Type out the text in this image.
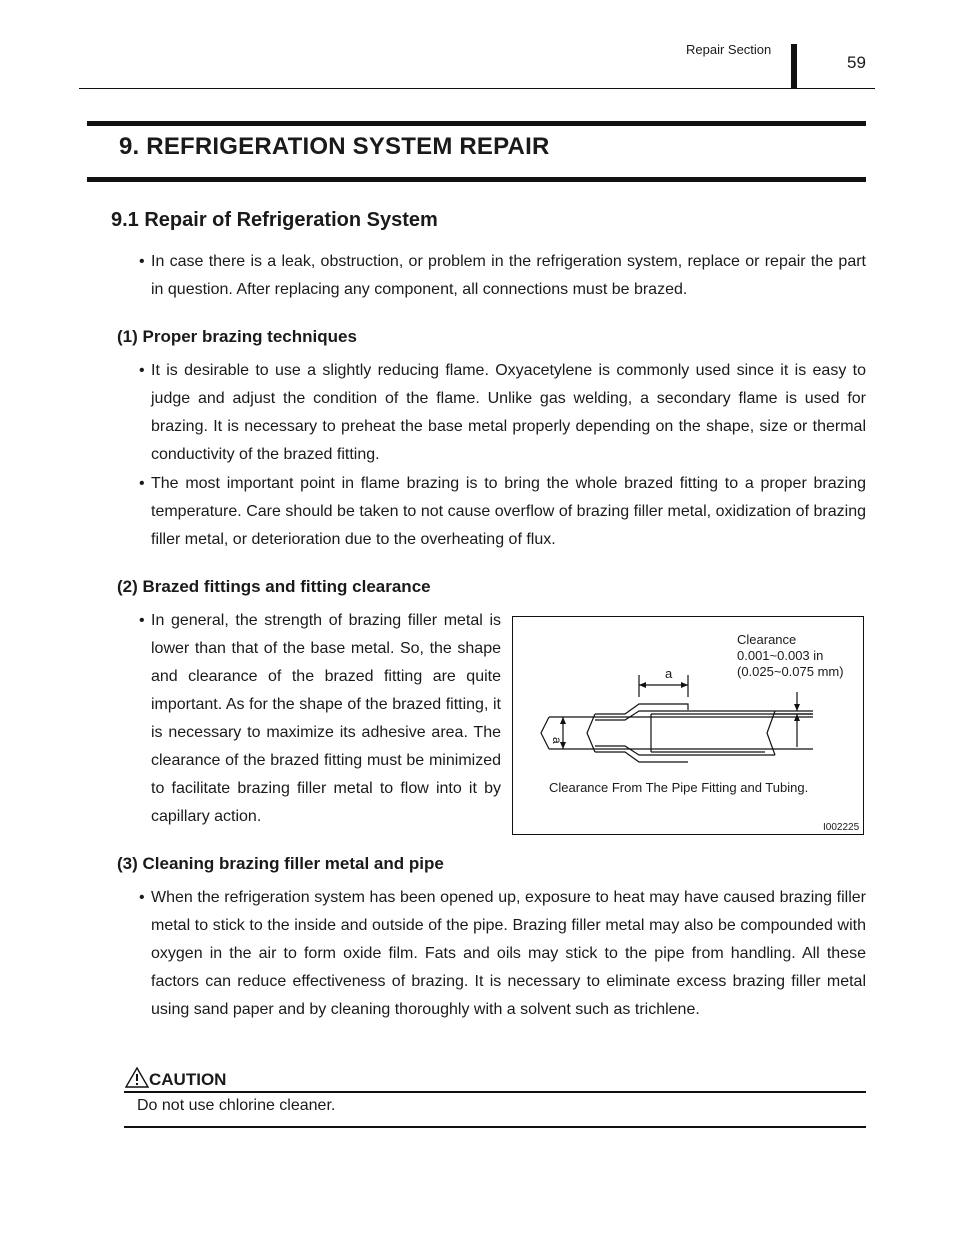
Repair Section
59
9. REFRIGERATION SYSTEM REPAIR
9.1 Repair of Refrigeration System
• In case there is a leak, obstruction, or problem in the refrigeration system, replace or repair the part in question. After replacing any component, all connections must be brazed.
(1) Proper brazing techniques
• It is desirable to use a slightly reducing flame. Oxyacetylene is commonly used since it is easy to judge and adjust the condition of the flame. Unlike gas welding, a secondary flame is used for brazing. It is necessary to preheat the base metal properly depending on the shape, size or thermal conductivity of the brazed fitting.
• The most important point in flame brazing is to bring the whole brazed fitting to a proper brazing temperature. Care should be taken to not cause overflow of brazing filler metal, oxidization of brazing filler metal, or deterioration due to the overheating of flux.
(2) Brazed fittings and fitting clearance
• In general, the strength of brazing filler metal is lower than that of the base metal. So, the shape and clearance of the brazed fitting are quite important. As for the shape of the brazed fitting, it is necessary to maximize its adhesive area. The clearance of the brazed fitting must be minimized to facilitate brazing filler metal to flow into it by capillary action.
a
Clearance
0.001~0.003 in
(0.025~0.075 mm)
a
Clearance From The Pipe Fitting and Tubing.
I002225
(3) Cleaning brazing filler metal and pipe
• When the refrigeration system has been opened up, exposure to heat may have caused brazing filler metal to stick to the inside and outside of the pipe. Brazing filler metal may also be compounded with oxygen in the air to form oxide film. Fats and oils may stick to the pipe from handling. All these factors can reduce effectiveness of brazing. It is necessary to eliminate excess brazing filler metal using sand paper and by cleaning thoroughly with a solvent such as trichlene.
CAUTION
Do not use chlorine cleaner.
